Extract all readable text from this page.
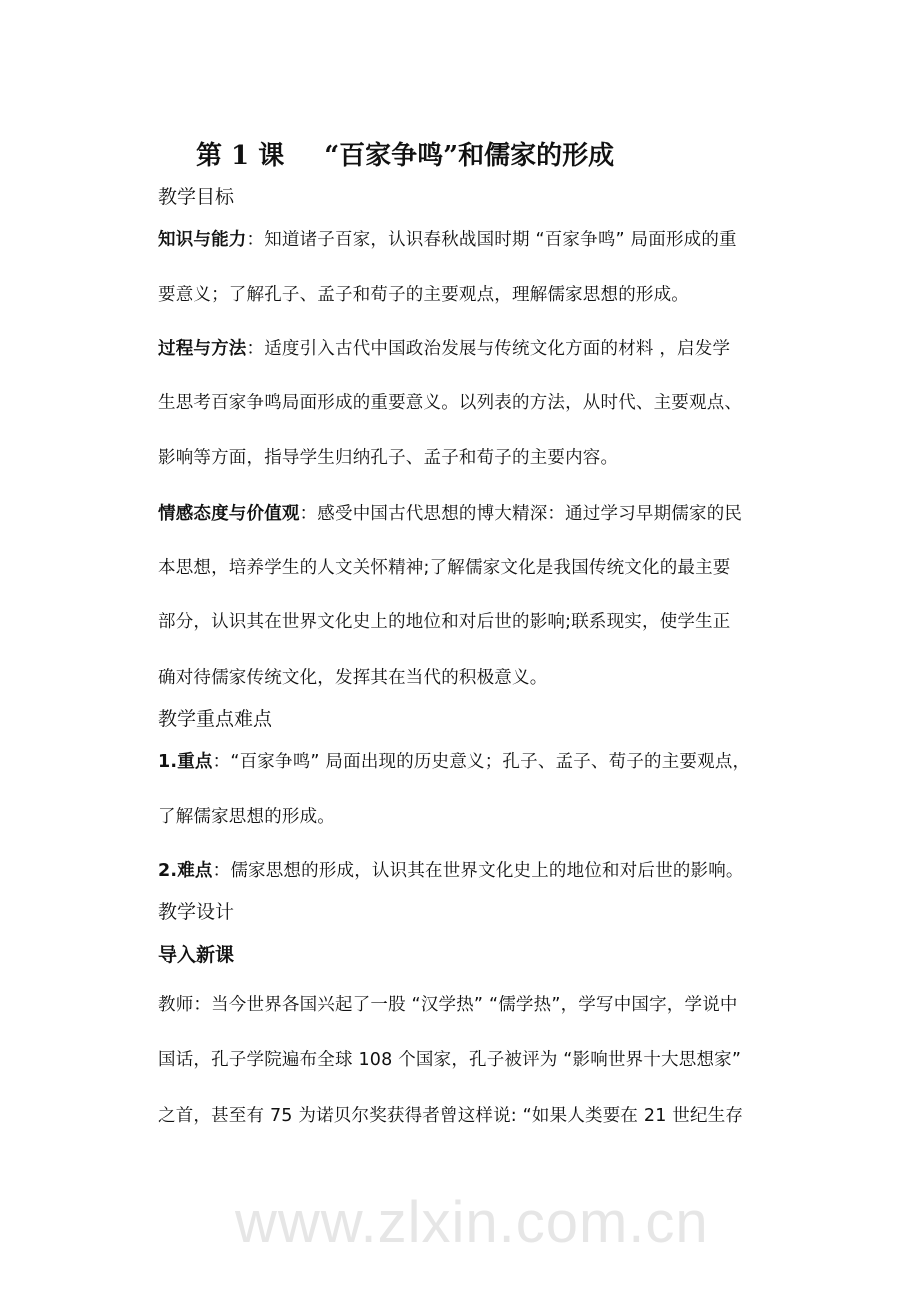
www.zlxin.com.cn
第 1 课 “百家争鸣”和儒家的形成
教学目标
知识与能力：知道诸子百家，认识春秋战国时期 “百家争鸣” 局面形成的重
要意义；了解孔子、孟子和荀子的主要观点，理解儒家思想的形成。
过程与方法：适度引入古代中国政治发展与传统文化方面的材料 ，启发学
生思考百家争鸣局面形成的重要意义。以列表的方法，从时代、主要观点、
影响等方面，指导学生归纳孔子、孟子和荀子的主要内容。
情感态度与价值观：感受中国古代思想的博大精深：通过学习早期儒家的民
本思想，培养学生的人文关怀精神;了解儒家文化是我国传统文化的最主要
部分，认识其在世界文化史上的地位和对后世的影响;联系现实，使学生正
确对待儒家传统文化，发挥其在当代的积极意义。
教学重点难点
1.重点：“百家争鸣” 局面出现的历史意义；孔子、孟子、荀子的主要观点，
了解儒家思想的形成。
2.难点：儒家思想的形成，认识其在世界文化史上的地位和对后世的影响。
教学设计
导入新课
教师：当今世界各国兴起了一股 “汉学热” “儒学热”，学写中国字，学说中
国话，孔子学院遍布全球 108 个国家，孔子被评为 “影响世界十大思想家”
之首，甚至有 75 为诺贝尔奖获得者曾这样说: “如果人类要在 21 世纪生存
